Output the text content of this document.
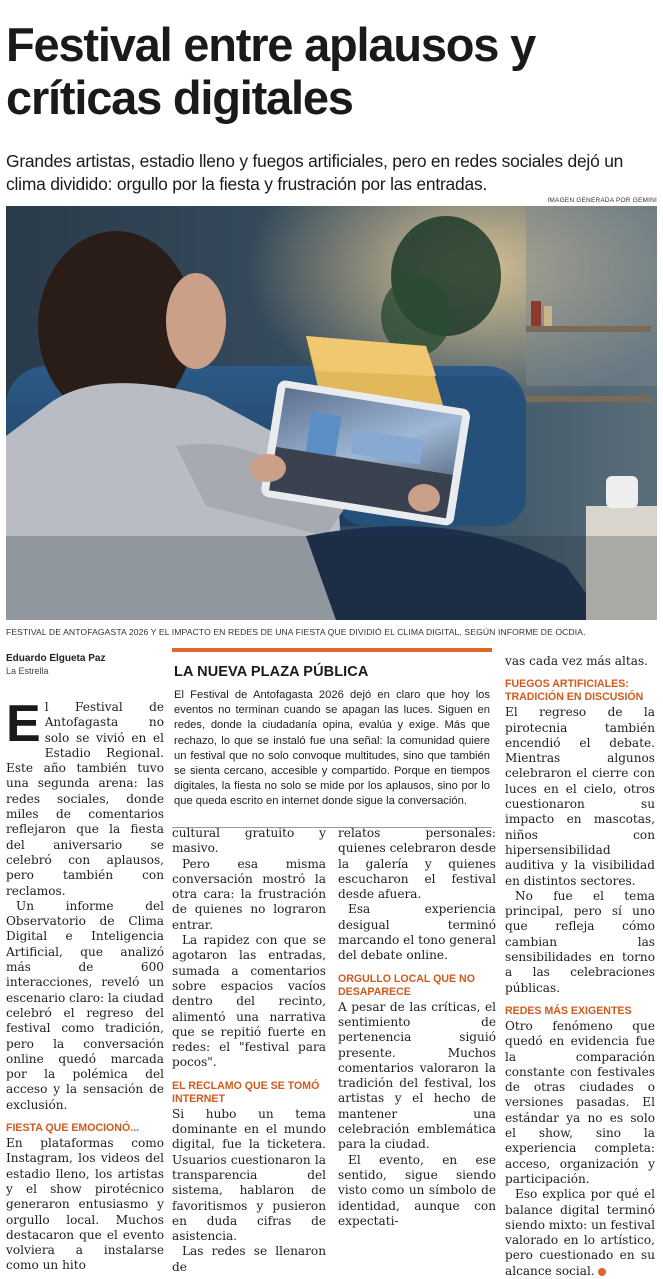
Festival entre aplausos y críticas digitales

Grandes artistas, estadio lleno y fuegos artificiales, pero en redes sociales dejó un clima dividido: orgullo por la fiesta y frustración por las entradas.

IMAGEN GENERADA POR GEMINI
FESTIVAL DE ANTOFAGASTA 2026 Y EL IMPACTO EN REDES DE UNA FIESTA QUE DIVIDIÓ EL CLIMA DIGITAL, SEGÚN INFORME DE OCDIA.
Eduardo Elgueta Paz
La Estrella	LA NUEVA PLAZA PÚBLICA

El Festival de Antofagasta 2026 dejó en claro que hoy los eventos no terminan cuando se apagan las luces. Siguen en redes, donde la ciudadanía opina, evalúa y exige. Más que rechazo, lo que se instaló fue una señal: la comunidad quiere un festival que no solo convoque multitudes, sino que también se sienta cercano, accesible y compartido. Porque en tiempos digitales, la fiesta no solo se mide por los aplausos, sino por lo que queda escrito en internet donde sigue la conversación.

El Festival de Antofagasta no solo se vivió en el Estadio Regional. Este año también tuvo una segunda arena: las redes sociales, donde miles de comentarios reflejaron que la fiesta del aniversario se celebró con aplausos, pero también con reclamos.

Un informe del Observatorio de Clima Digital e Inteligencia Artificial, que analizó más de 600 interacciones, reveló un escenario claro: la ciudad celebró el regreso del festival como tradición, pero la conversación online quedó marcada por la polémica del acceso y la sensación de exclusión.

FIESTA QUE EMOCIONÓ...

En plataformas como Instagram, los videos del estadio lleno, los artistas y el show pirotécnico generaron entusiasmo y orgullo local. Muchos destacaron que el evento volviera a instalarse como un hito

cultural gratuito y masivo.

Pero esa misma conversación mostró la otra cara: la frustración de quienes no lograron entrar.

La rapidez con que se agotaron las entradas, sumada a comentarios sobre espacios vacíos dentro del recinto, alimentó una narrativa que se repitió fuerte en redes: el "festival para pocos".

EL RECLAMO QUE SE TOMÓ INTERNET

Si hubo un tema dominante en el mundo digital, fue la ticketera. Usuarios cuestionaron la transparencia del sistema, hablaron de favoritismos y pusieron en duda cifras de asistencia.

Las redes se llenaron de

relatos personales: quienes celebraron desde la galería y quienes escucharon el festival desde afuera.

Esa experiencia desigual terminó marcando el tono general del debate online.

ORGULLO LOCAL QUE NO DESAPARECE

A pesar de las críticas, el sentimiento de pertenencia siguió presente. Muchos comentarios valoraron la tradición del festival, los artistas y el hecho de mantener una celebración emblemática para la ciudad.

El evento, en ese sentido, sigue siendo visto como un símbolo de identidad, aunque con expectati-

vas cada vez más altas.

FUEGOS ARTIFICIALES: TRADICIÓN EN DISCUSIÓN

El regreso de la pirotecnia también encendió el debate. Mientras algunos celebraron el cierre con luces en el cielo, otros cuestionaron su impacto en mascotas, niños con hipersensibilidad auditiva y la visibilidad en distintos sectores.

No fue el tema principal, pero sí uno que refleja cómo cambian las sensibilidades en torno a las celebraciones públicas.

REDES MÁS EXIGENTES

Otro fenómeno que quedó en evidencia fue la comparación constante con festivales de otras ciudades o versiones pasadas. El estándar ya no es solo el show, sino la experiencia completa: acceso, organización y participación.

Eso explica por qué el balance digital terminó siendo mixto: un festival valorado en lo artístico, pero cuestionado en su alcance social.
